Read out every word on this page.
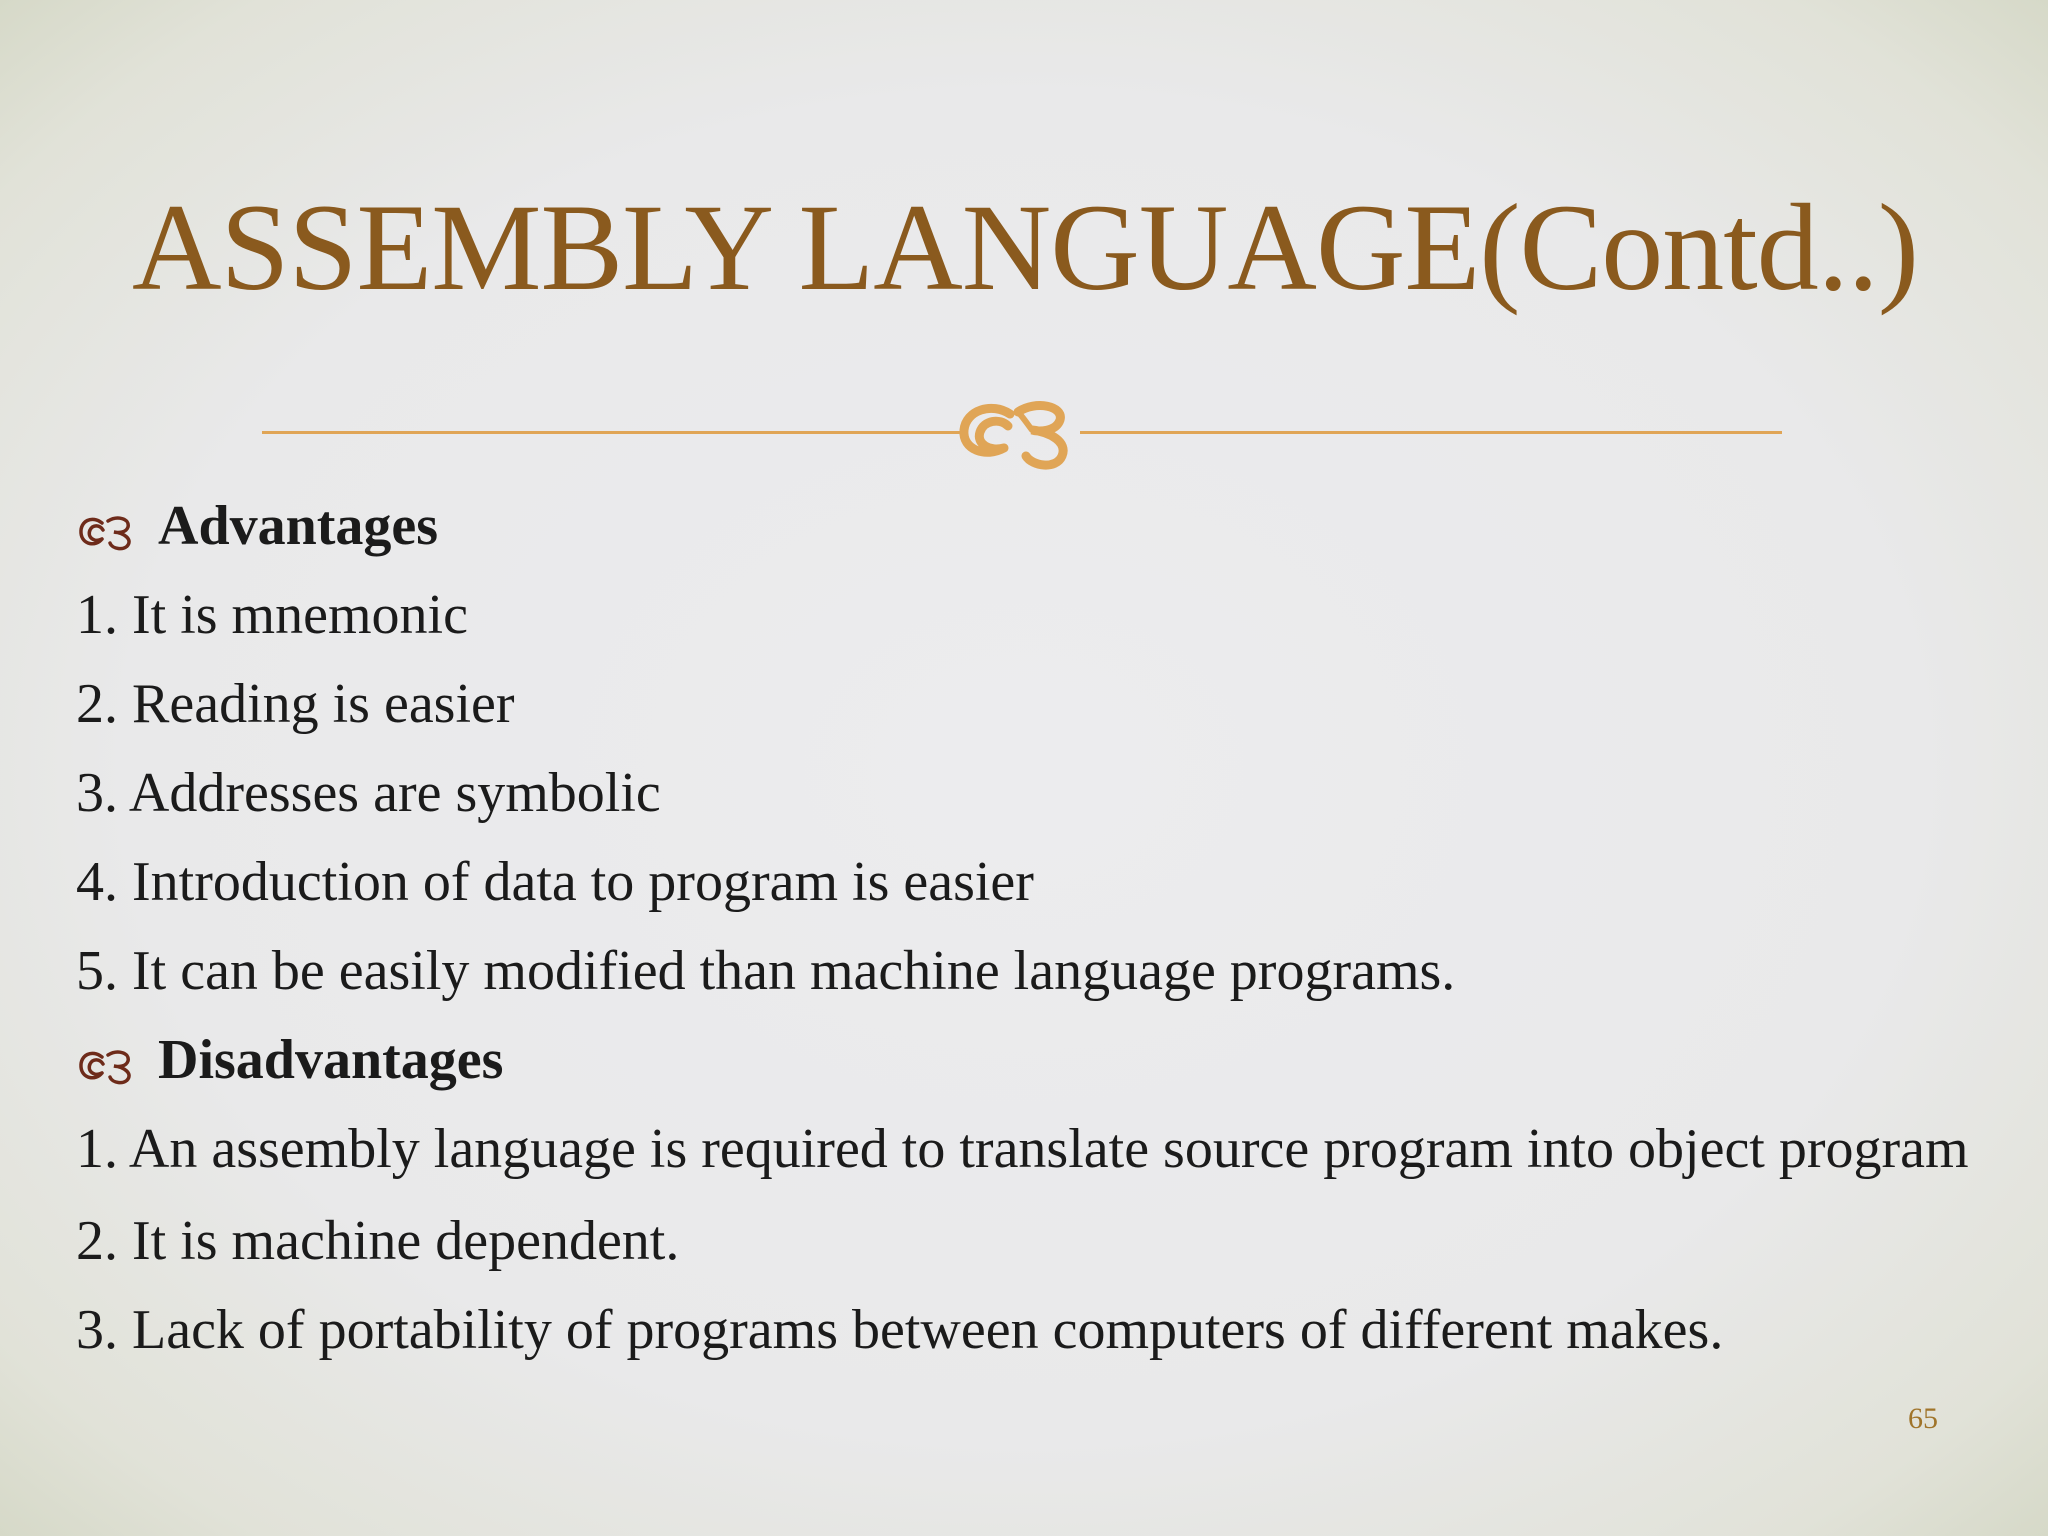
ASSEMBLY LANGUAGE(Contd..)
Advantages
1. It is mnemonic
2. Reading is easier
3. Addresses are symbolic
4. Introduction of data to program is easier
5. It can be easily modified than machine language programs.
Disadvantages
1. An assembly language is required to translate source program into object program
2. It is machine dependent.
3. Lack of portability of programs between computers of different makes.
65
